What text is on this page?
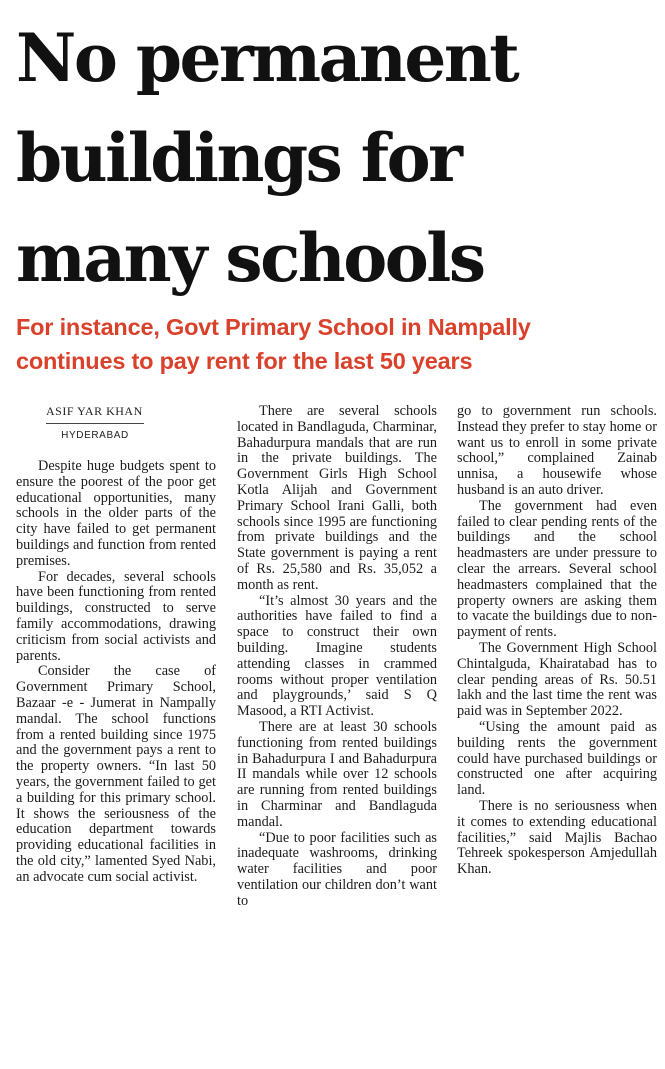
No permanent
buildings for
many schools
For instance, Govt Primary School in Nampally
continues to pay rent for the last 50 years
ASIF YAR KHAN
HYDERABAD

Despite huge budgets spent to ensure the poorest of the poor get educational opportunities, many schools in the older parts of the city have failed to get permanent buildings and function from rented premises.

For decades, several schools have been functioning from rented buildings, constructed to serve family accommodations, drawing criticism from social activists and parents.

Consider the case of Government Primary School, Bazaar -e - Jumerat in Nampally mandal. The school functions from a rented building since 1975 and the government pays a rent to the property owners. “In last 50 years, the government failed to get a building for this primary school. It shows the seriousness of the education department towards providing educational facilities in the old city,” lamented Syed Nabi, an advocate cum social activist.

There are several schools located in Bandlaguda, Charminar, Bahadurpura mandals that are run in the private buildings. The Government Girls High School Kotla Alijah and Government Primary School Irani Galli, both schools since 1995 are functioning from private buildings and the State government is paying a rent of Rs. 25,580 and Rs. 35,052 a month as rent.

“It’s almost 30 years and the authorities have failed to find a space to construct their own building. Imagine students attending classes in crammed rooms without proper ventilation and playgrounds,’ said S Q Masood, a RTI Activist.

There are at least 30 schools functioning from rented buildings in Bahadurpura I and Bahadurpura II mandals while over 12 schools are running from rented buildings in Charminar and Bandlaguda mandal.

“Due to poor facilities such as inadequate washrooms, drinking water facilities and poor ventilation our children don’t want to

go to government run schools. Instead they prefer to stay home or want us to enroll in some private school,” complained Zainab unnisa, a housewife whose husband is an auto driver.

The government had even failed to clear pending rents of the buildings and the school headmasters are under pressure to clear the arrears. Several school headmasters complained that the property owners are asking them to vacate the buildings due to non-payment of rents.

The Government High School Chintalguda, Khairatabad has to clear pending areas of Rs. 50.51 lakh and the last time the rent was paid was in September 2022.

“Using the amount paid as building rents the government could have purchased buildings or constructed one after acquiring land.

There is no seriousness when it comes to extending educational facilities,” said Majlis Bachao Tehreek spokesperson Amjedullah Khan.
